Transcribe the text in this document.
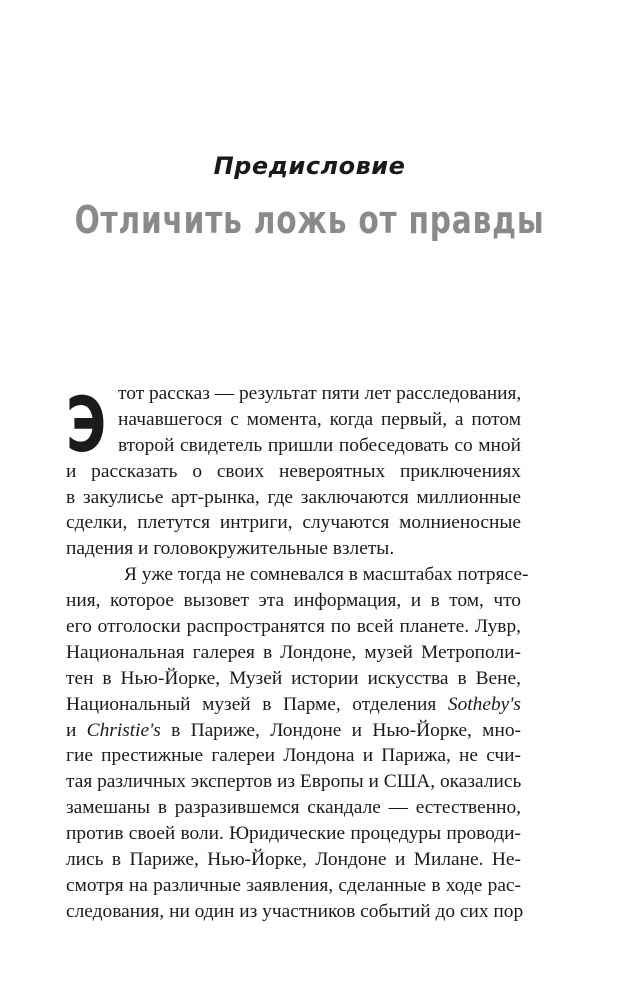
Предисловие
Отличить ложь от правды
Э тот рассказ — результат пяти лет расследования,
начавшегося с момента, когда первый, а потом
второй свидетель пришли побеседовать со мной
и рассказать о своих невероятных приключениях
в закулисье арт-рынка, где заключаются миллионные
сделки, плетутся интриги, случаются молниеносные
падения и головокружительные взлеты.
Я уже тогда не сомневался в масштабах потрясе-
ния, которое вызовет эта информация, и в том, что
его отголоски распространятся по всей планете. Лувр,
Национальная галерея в Лондоне, музей Метрополи-
тен в Нью-Йорке, Музей истории искусства в Вене,
Национальный музей в Парме, отделения Sotheby's
и Christie's в Париже, Лондоне и Нью-Йорке, мно-
гие престижные галереи Лондона и Парижа, не счи-
тая различных экспертов из Европы и США, оказались
замешаны в разразившемся скандале — естественно,
против своей воли. Юридические процедуры проводи-
лись в Париже, Нью-Йорке, Лондоне и Милане. Не-
смотря на различные заявления, сделанные в ходе рас-
следования, ни один из участников событий до сих пор
